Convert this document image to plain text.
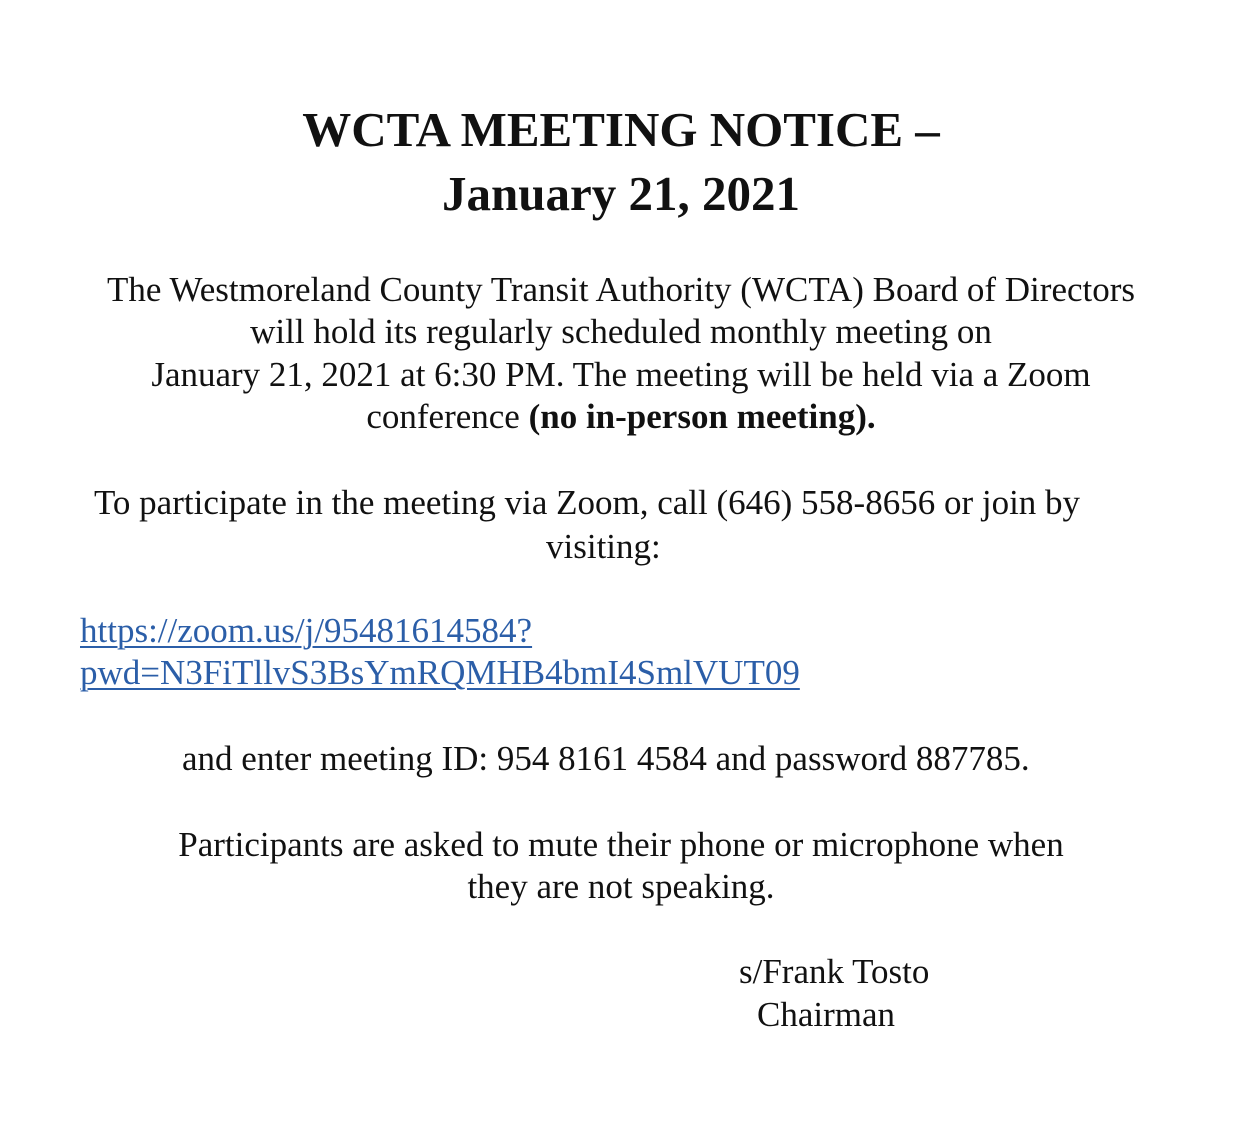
WCTA MEETING NOTICE –
January 21, 2021
The Westmoreland County Transit Authority (WCTA) Board of Directors
will hold its regularly scheduled monthly meeting on
January 21, 2021 at 6:30 PM. The meeting will be held via a Zoom
conference (no in-person meeting).
To participate in the meeting via Zoom, call (646) 558-8656 or join by
visiting:
https://zoom.us/j/95481614584?
pwd=N3FiTllvS3BsYmRQMHB4bmI4SmlVUT09
and enter meeting ID: 954 8161 4584 and password 887785.
Participants are asked to mute their phone or microphone when
they are not speaking.
s/Frank Tosto
Chairman
